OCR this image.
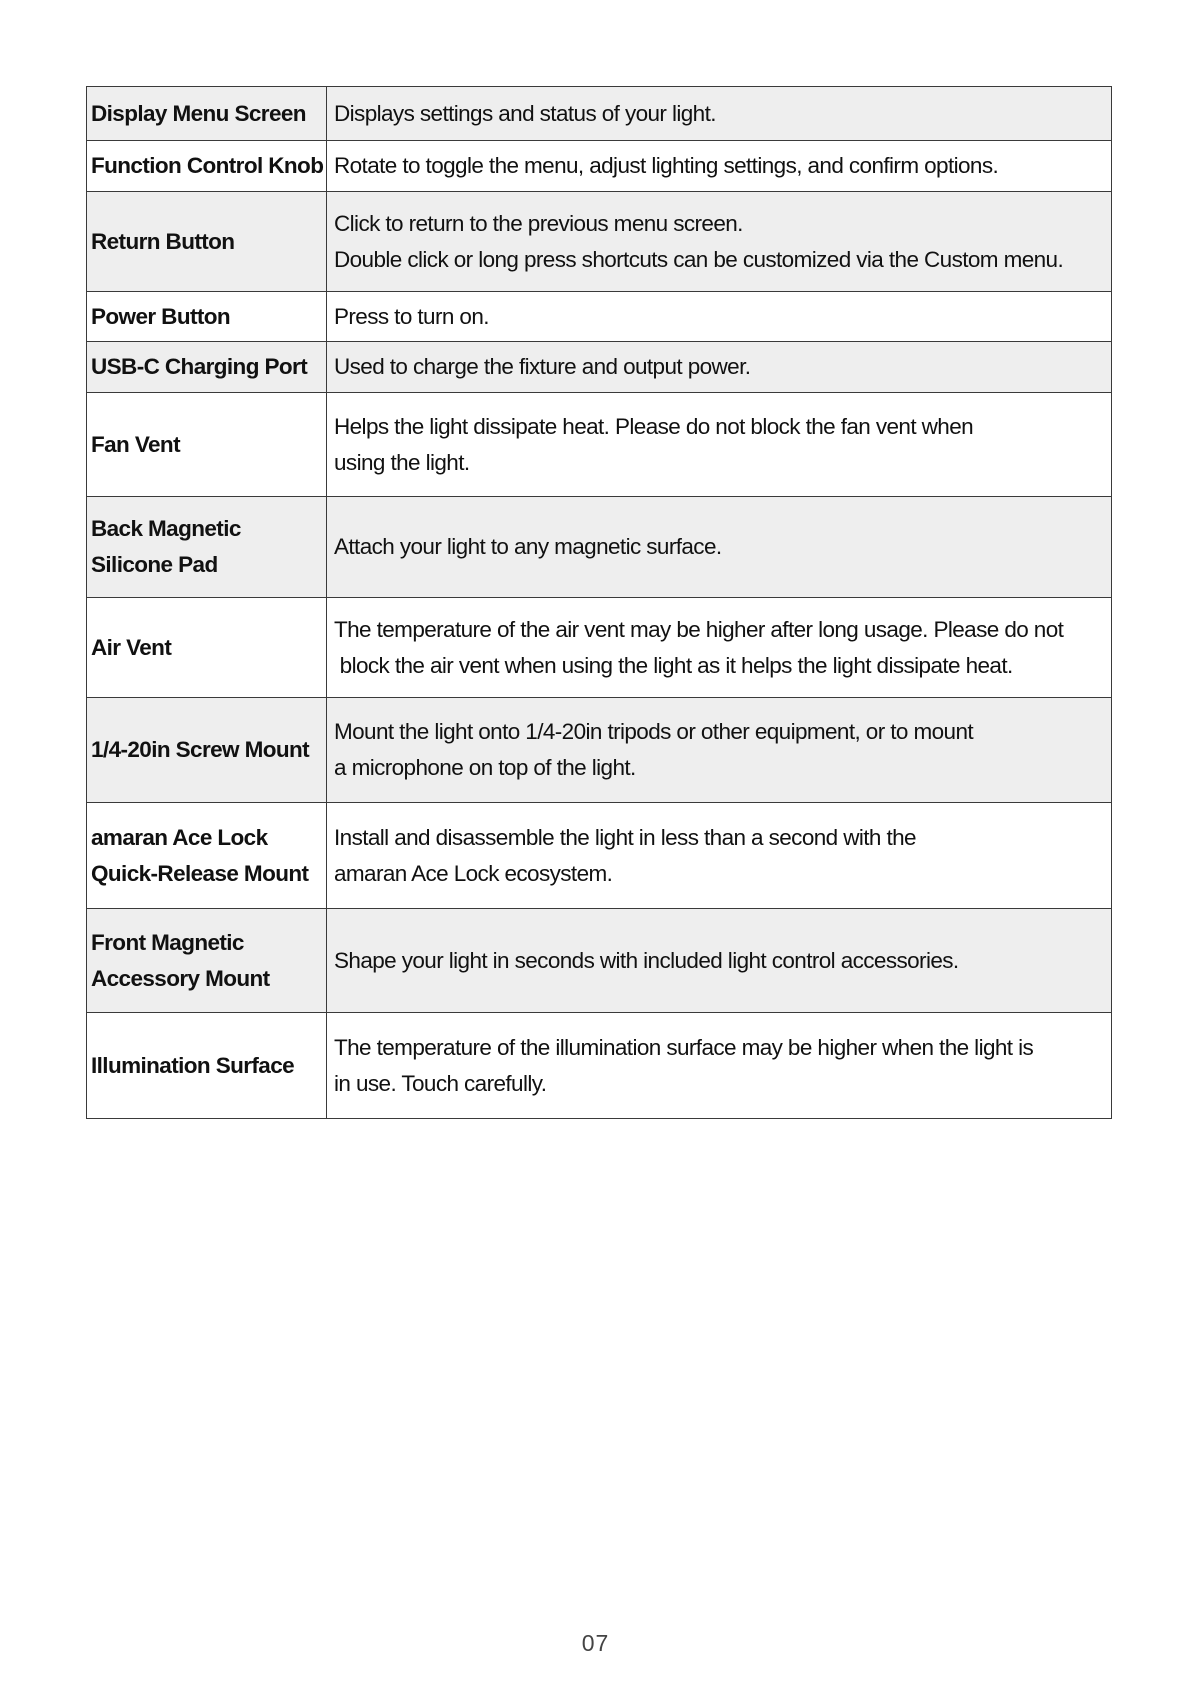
Display Menu Screen	Displays settings and status of your light.

Function Control Knob	Rotate to toggle the menu, adjust lighting settings, and confirm options.

Return Button	Click to return to the previous menu screen.
Double click or long press shortcuts can be customized via the Custom menu.

Power Button	Press to turn on.

USB-C Charging Port	Used to charge the fixture and output power.

Fan Vent	Helps the light dissipate heat. Please do not block the fan vent when
using the light.

Back Magnetic
Silicone Pad	Attach your light to any magnetic surface.

Air Vent	The temperature of the air vent may be higher after long usage. Please do not
block the air vent when using the light as it helps the light dissipate heat.

1/4-20in Screw Mount	Mount the light onto 1/4-20in tripods or other equipment, or to mount
a microphone on top of the light.

amaran Ace Lock
Quick-Release Mount	Install and disassemble the light in less than a second with the
amaran Ace Lock ecosystem.

Front Magnetic
Accessory Mount	Shape your light in seconds with included light control accessories.

Illumination Surface	The temperature of the illumination surface may be higher when the light is
in use. Touch carefully.
07
